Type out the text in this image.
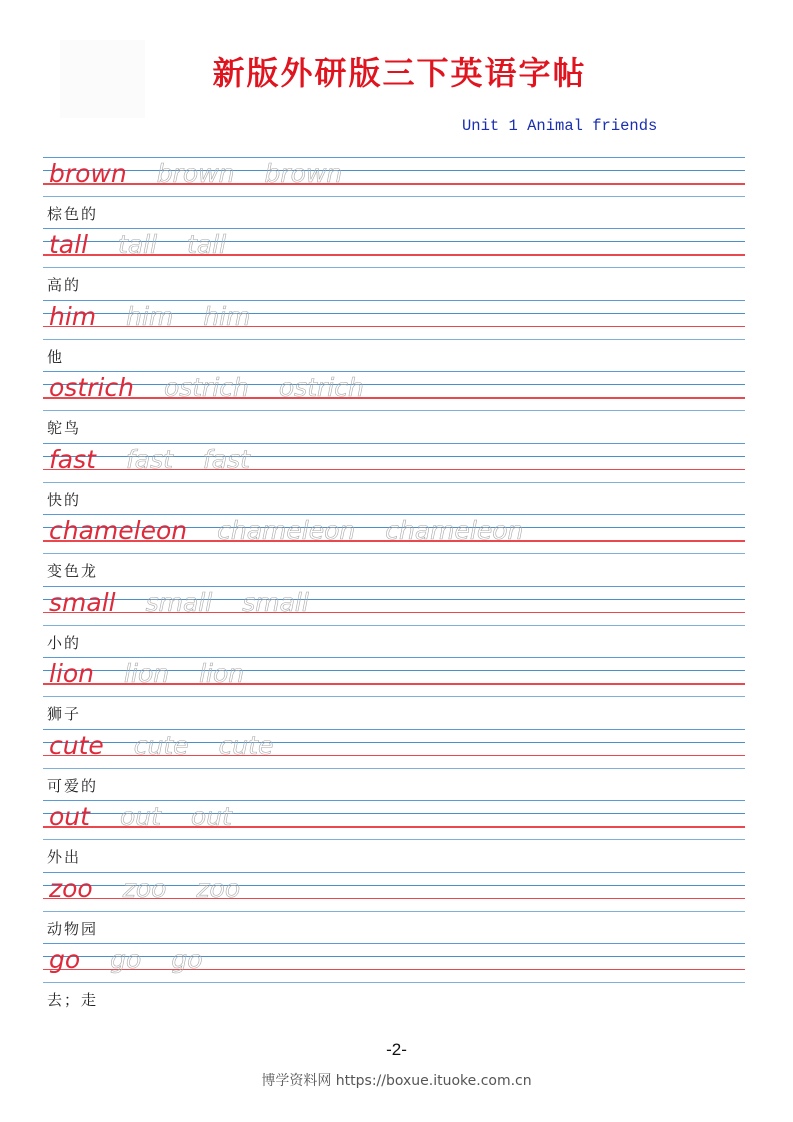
新版外研版三下英语字帖
Unit 1 Animal friends
brown brown brown
棕色的
tall tall tall
高的
him him him
他
ostrich ostrich ostrich
鸵鸟
fast fast fast
快的
chameleon chameleon chameleon
变色龙
small small small
小的
lion lion lion
狮子
cute cute cute
可爱的
out out out
外出
zoo zoo zoo
动物园
go go go
去；走
-2-
博学资料网 https://boxue.ituoke.com.cn
